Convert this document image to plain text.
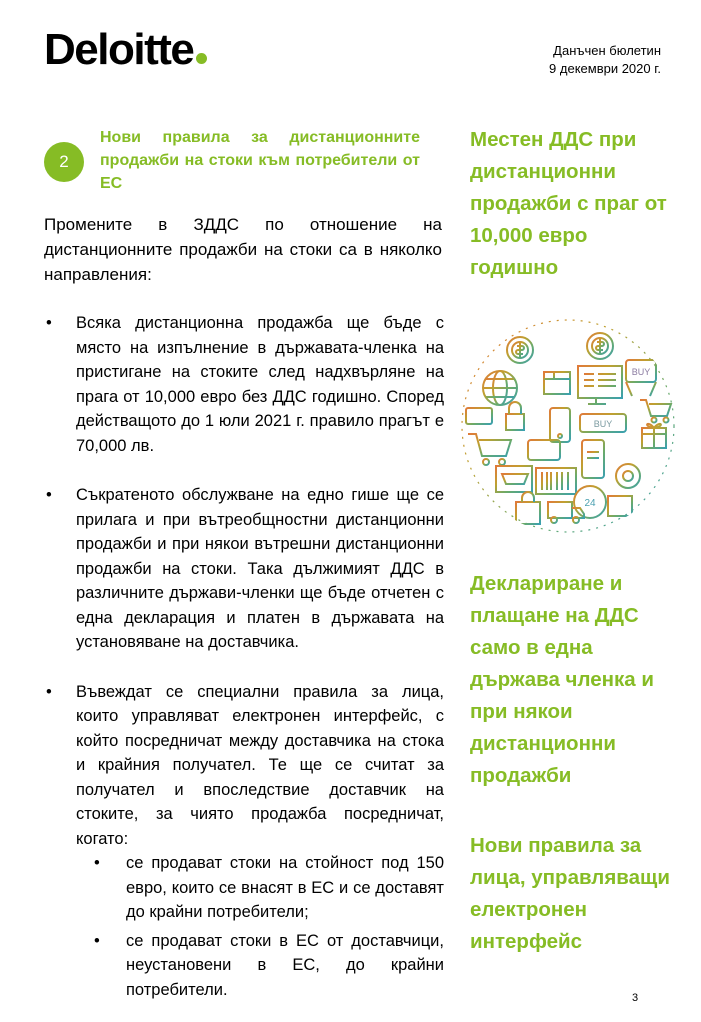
Deloitte	Данъчен бюлетин
9 декември 2020 г.
2
Нови правила за дистанционните продажби на стоки към потребители от ЕС
Промените в ЗДДС по отношение на дистанционните продажби на стоки са в няколко направления:
• Всяка дистанционна продажба ще бъде с място на изпълнение в държавата-членка на пристигане на стоките след надхвърляне на прага от 10,000 евро без ДДС годишно. Според действащото до 1 юли 2021 г. правило прагът е 70,000 лв.
• Съкратеното обслужване на едно гише ще се прилага и при вътреобщностни дистанционни продажби и при някои вътрешни дистанционни продажби на стоки. Така дължимият ДДС в различните държави-членки ще бъде отчетен с една декларация и платен в държавата на установяване на доставчика.
• Въвеждат се специални правила за лица, които управляват електронен интерфейс, с който посредничат между доставчика на стока и крайния получател. Те ще се считат за получател и впоследствие доставчик на стоките, за чиято продажба посредничат, когато:
• се продават стоки на стойност под 150 евро, които се внасят в ЕС и се доставят до крайни потребители;
• се продават стоки в ЕС от доставчици, неустановени в ЕС, до крайни потребители.
Местен ДДС при дистанционни продажби с праг от 10,000 евро годишно
BUY
BUY
24
Деклариране и плащане на ДДС само в една държава членка и при някои дистанционни продажби
Нови правила за лица, управляващи електронен интерфейс
3
